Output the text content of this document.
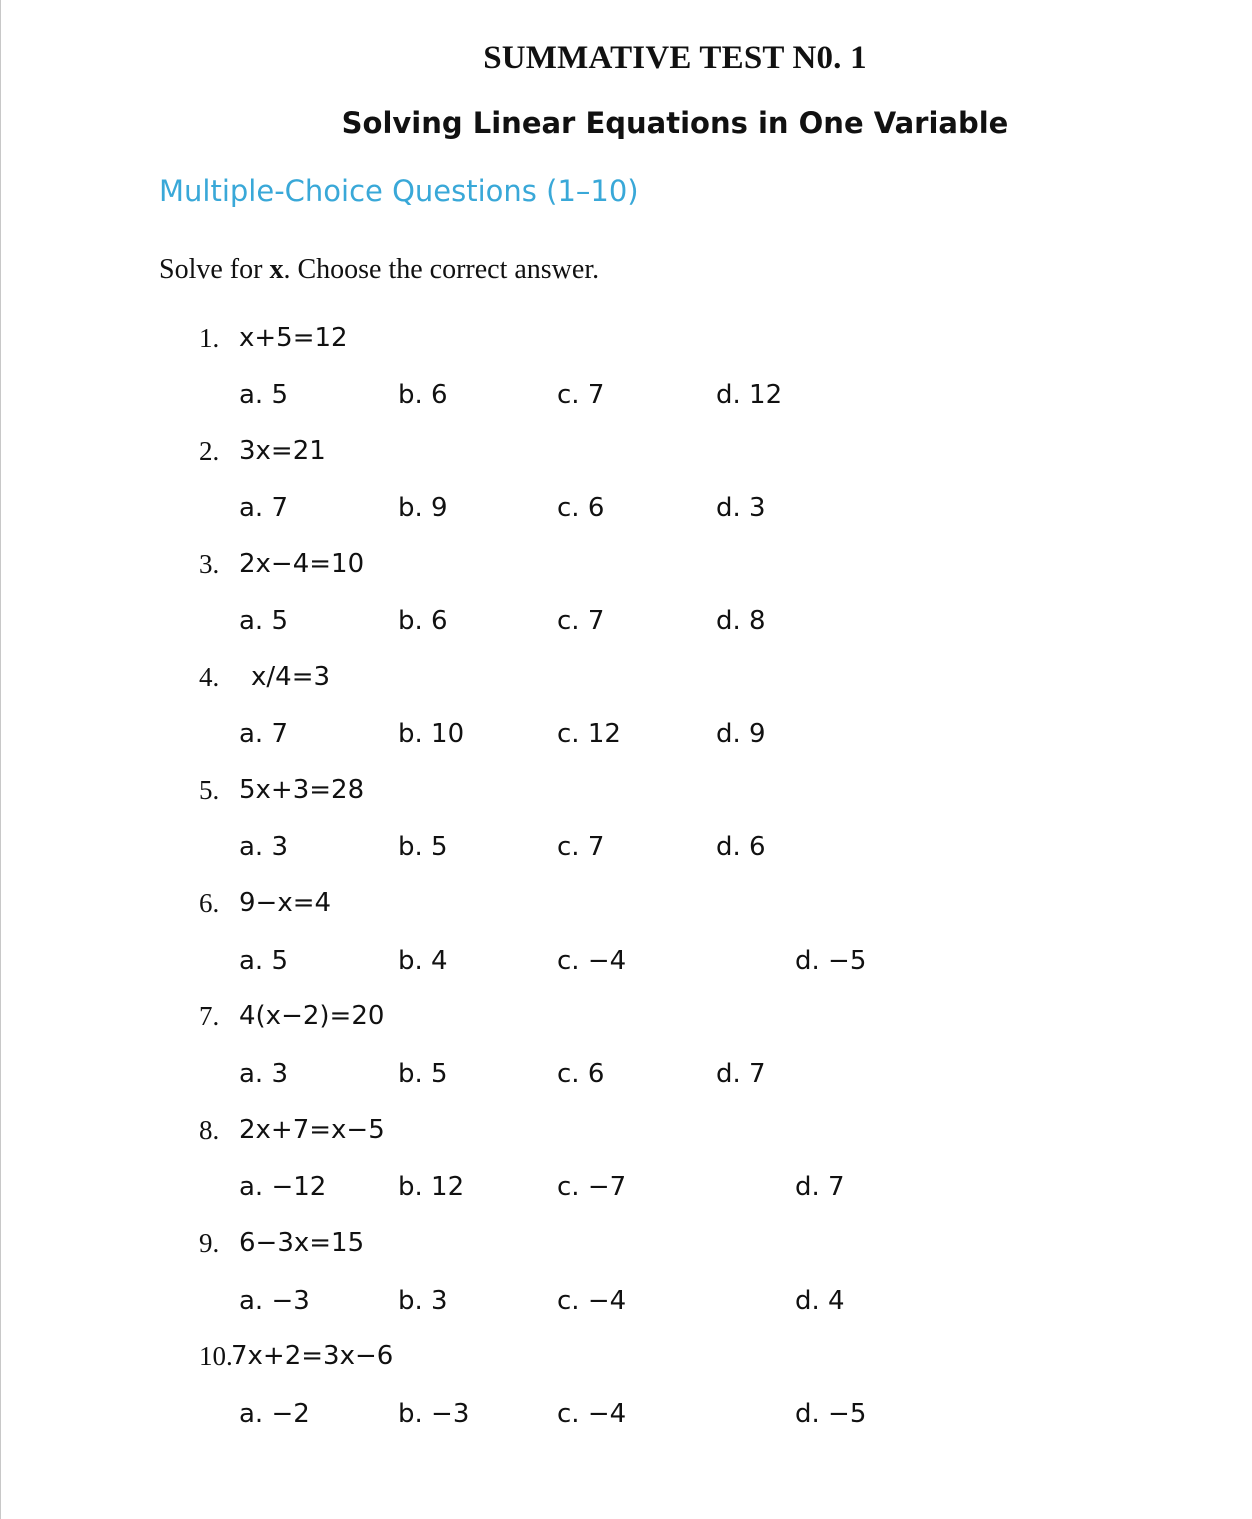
SUMMATIVE TEST N0. 1
Solving Linear Equations in One Variable
Multiple-Choice Questions (1–10)
Solve for x. Choose the correct answer.
1. x+5=12
a. 5	b. 6	c. 7	d. 12
2. 3x=21
a. 7	b. 9	c. 6	d. 3
3. 2x−4=10
a. 5	b. 6	c. 7	d. 8
4. x/4=3
a. 7	b. 10	c. 12	d. 9
5. 5x+3=28
a. 3	b. 5	c. 7	d. 6
6. 9−x=4
a. 5	b. 4	c. −4	d. −5
7. 4(x−2)=20
a. 3	b. 5	c. 6	d. 7
8. 2x+7=x−5
a. −12	b. 12	c. −7	d. 7
9. 6−3x=15
a. −3	b. 3	c. −4	d. 4
10.
7x+2=3x−6
a. −2	b. −3	c. −4	d. −5
